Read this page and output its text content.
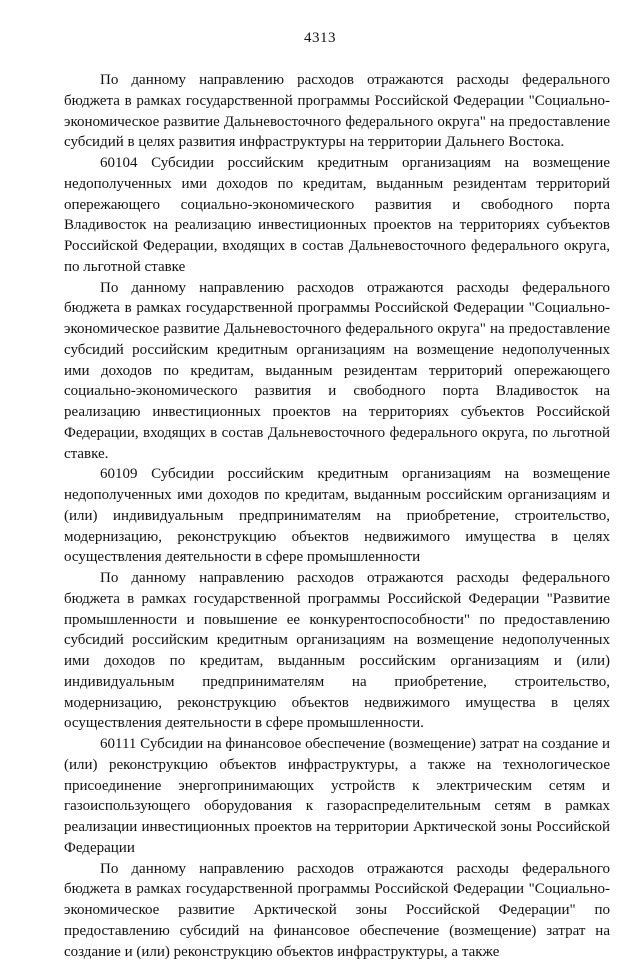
4313

По данному направлению расходов отражаются расходы федерального бюджета в рамках государственной программы Российской Федерации "Социально-экономическое развитие Дальневосточного федерального округа" на предоставление субсидий в целях развития инфраструктуры на территории Дальнего Востока.

60104 Субсидии российским кредитным организациям на возмещение недополученных ими доходов по кредитам, выданным резидентам территорий опережающего социально-экономического развития и свободного порта Владивосток на реализацию инвестиционных проектов на территориях субъектов Российской Федерации, входящих в состав Дальневосточного федерального округа, по льготной ставке

По данному направлению расходов отражаются расходы федерального бюджета в рамках государственной программы Российской Федерации "Социально-экономическое развитие Дальневосточного федерального округа" на предоставление субсидий российским кредитным организациям на возмещение недополученных ими доходов по кредитам, выданным резидентам территорий опережающего социально-экономического развития и свободного порта Владивосток на реализацию инвестиционных проектов на территориях субъектов Российской Федерации, входящих в состав Дальневосточного федерального округа, по льготной ставке.

60109 Субсидии российским кредитным организациям на возмещение недополученных ими доходов по кредитам, выданным российским организациям и (или) индивидуальным предпринимателям на приобретение, строительство, модернизацию, реконструкцию объектов недвижимого имущества в целях осуществления деятельности в сфере промышленности

По данному направлению расходов отражаются расходы федерального бюджета в рамках государственной программы Российской Федерации "Развитие промышленности и повышение ее конкурентоспособности" по предоставлению субсидий российским кредитным организациям на возмещение недополученных ими доходов по кредитам, выданным российским организациям и (или) индивидуальным предпринимателям на приобретение, строительство, модернизацию, реконструкцию объектов недвижимого имущества в целях осуществления деятельности в сфере промышленности.

60111 Субсидии на финансовое обеспечение (возмещение) затрат на создание и (или) реконструкцию объектов инфраструктуры, а также на технологическое присоединение энергопринимающих устройств к электрическим сетям и газоиспользующего оборудования к газораспределительным сетям в рамках реализации инвестиционных проектов на территории Арктической зоны Российской Федерации

По данному направлению расходов отражаются расходы федерального бюджета в рамках государственной программы Российской Федерации "Социально-экономическое развитие Арктической зоны Российской Федерации" по предоставлению субсидий на финансовое обеспечение (возмещение) затрат на создание и (или) реконструкцию объектов инфраструктуры, а также
